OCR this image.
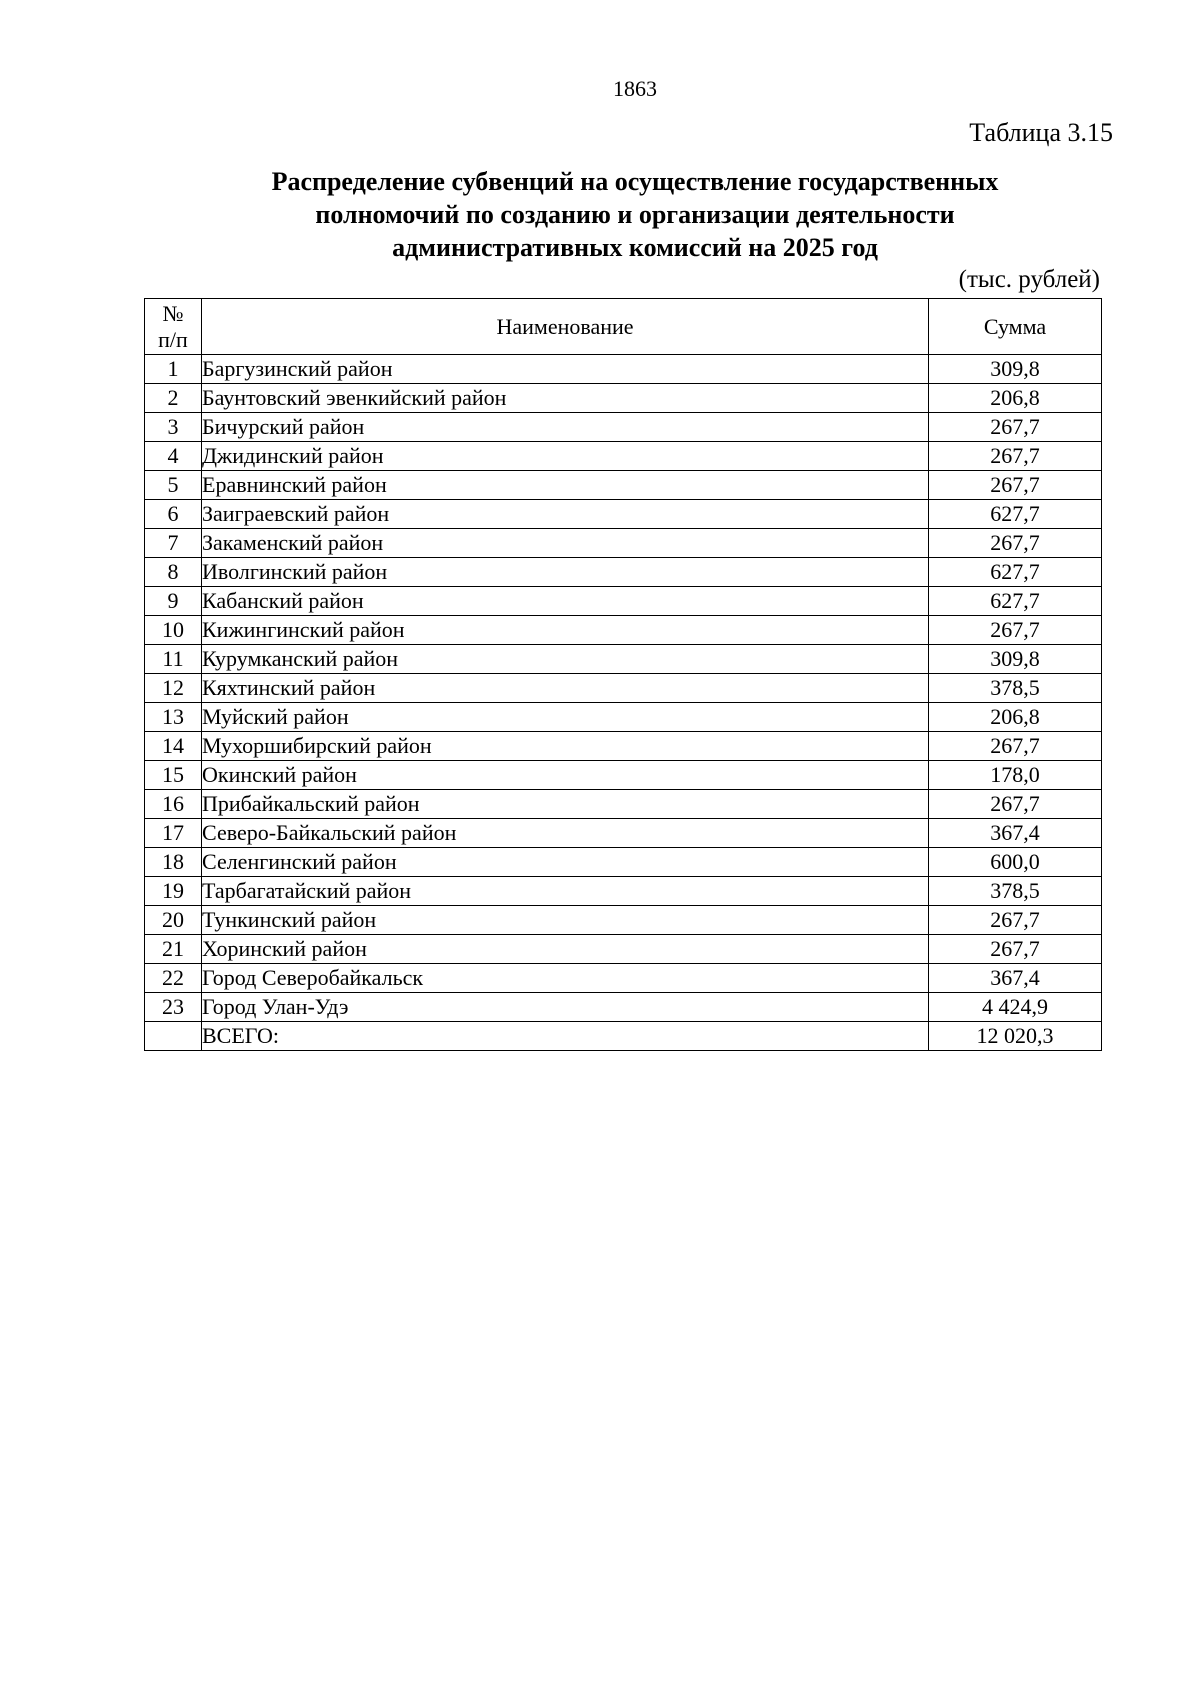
1863
Таблица 3.15
Распределение субвенций на осуществление государственных
полномочий по созданию и организации деятельности
административных комиссий на 2025 год
(тыс. рублей)
№
п/п	Наименование	Сумма
1	Баргузинский район	309,8
2	Баунтовский эвенкийский район	206,8
3	Бичурский район	267,7
4	Джидинский район	267,7
5	Еравнинский район	267,7
6	Заиграевский район	627,7
7	Закаменский район	267,7
8	Иволгинский район	627,7
9	Кабанский район	627,7
10	Кижингинский район	267,7
11	Курумканский район	309,8
12	Кяхтинский район	378,5
13	Муйский район	206,8
14	Мухоршибирский район	267,7
15	Окинский район	178,0
16	Прибайкальский район	267,7
17	Северо-Байкальский район	367,4
18	Селенгинский район	600,0
19	Тарбагатайский район	378,5
20	Тункинский район	267,7
21	Хоринский район	267,7
22	Город Северобайкальск	367,4
23	Город Улан-Удэ	4 424,9
	ВСЕГО:	12 020,3
